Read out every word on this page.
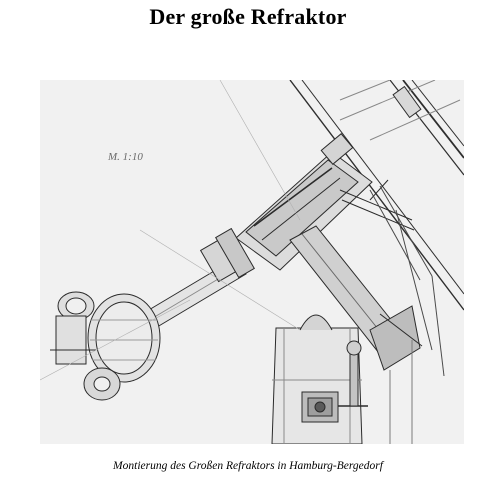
Der große Refraktor
M. 1:10
Montierung des Großen Refraktors in Hamburg-Bergedorf
